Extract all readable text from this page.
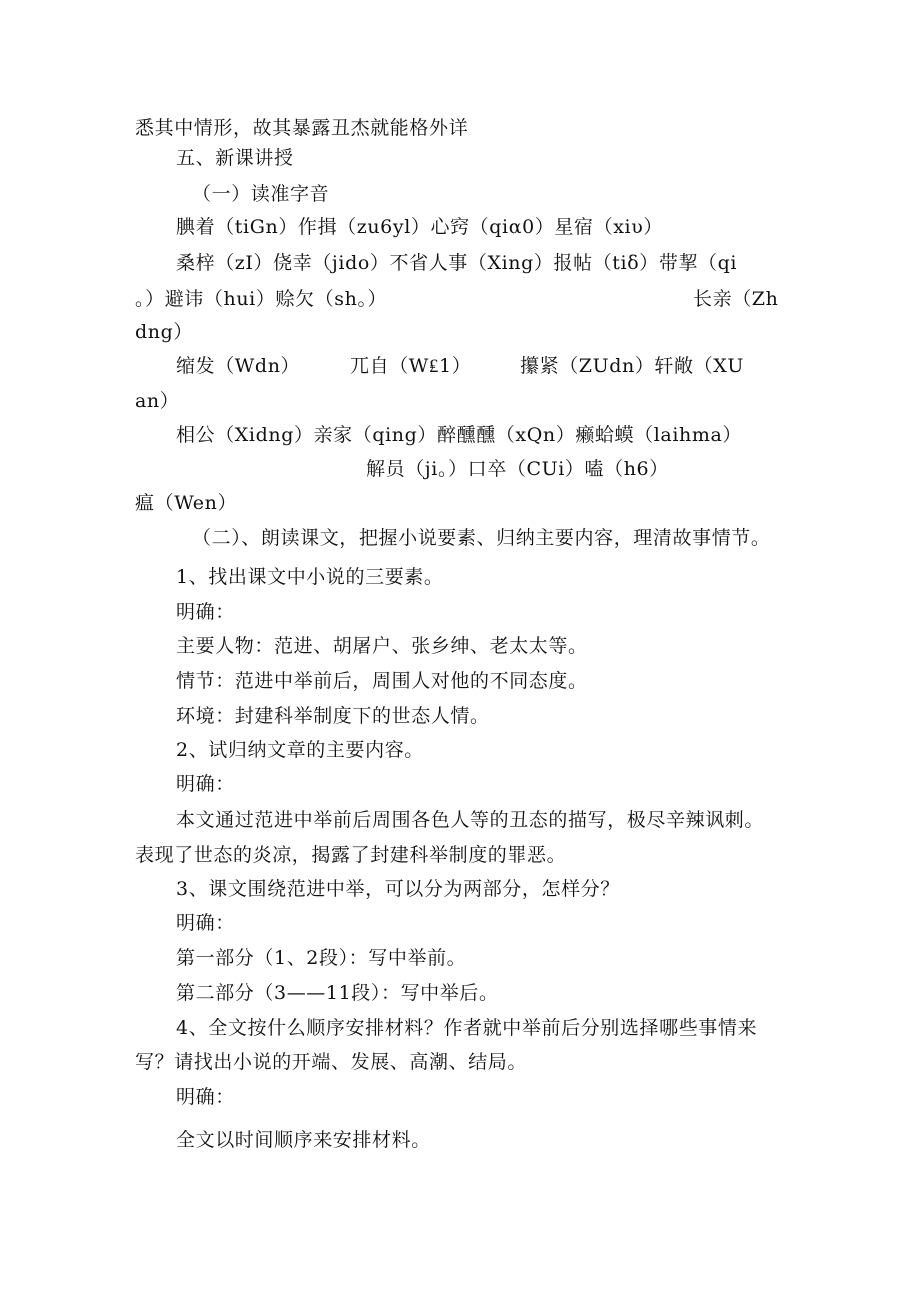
悉其中情形，故其暴露丑杰就能格外详
五、新课讲授
（一）读准字音
腆着（tiGn）作揖（zu6yl）心窍（qiα0）星宿（xiυ）
桑梓（zI）侥幸（jido）不省人事（Xing）报帖（tiδ）带挈（qi
。）避讳（hui）赊欠（sh。）	长亲（Zh
dng）
缩发（Wdn）	兀自（W₤1）	攥紧（ZUdn）轩敞（XU
an）
相公（Xidng）亲家（qing）醉醺醺（xQn）癞蛤蟆（laihma）
解员（ji。）口卒（CUi）嗑（h6）
瘟（Wen）
（二）、朗读课文，把握小说要素、归纳主要内容，理清故事情节。
1、找出课文中小说的三要素。
明确：
主要人物：范进、胡屠户、张乡绅、老太太等。
情节：范进中举前后，周围人对他的不同态度。
环境：封建科举制度下的世态人情。
2、试归纳文章的主要内容。
明确：
本文通过范进中举前后周围各色人等的丑态的描写，极尽辛辣讽刺。
表现了世态的炎凉，揭露了封建科举制度的罪恶。
3、课文围绕范进中举，可以分为两部分，怎样分？
明确：
第一部分（1、2段）：写中举前。
第二部分（3——11段）：写中举后。
4、全文按什么顺序安排材料？作者就中举前后分别选择哪些事情来
写？请找出小说的开端、发展、高潮、结局。
明确：
全文以时间顺序来安排材料。
